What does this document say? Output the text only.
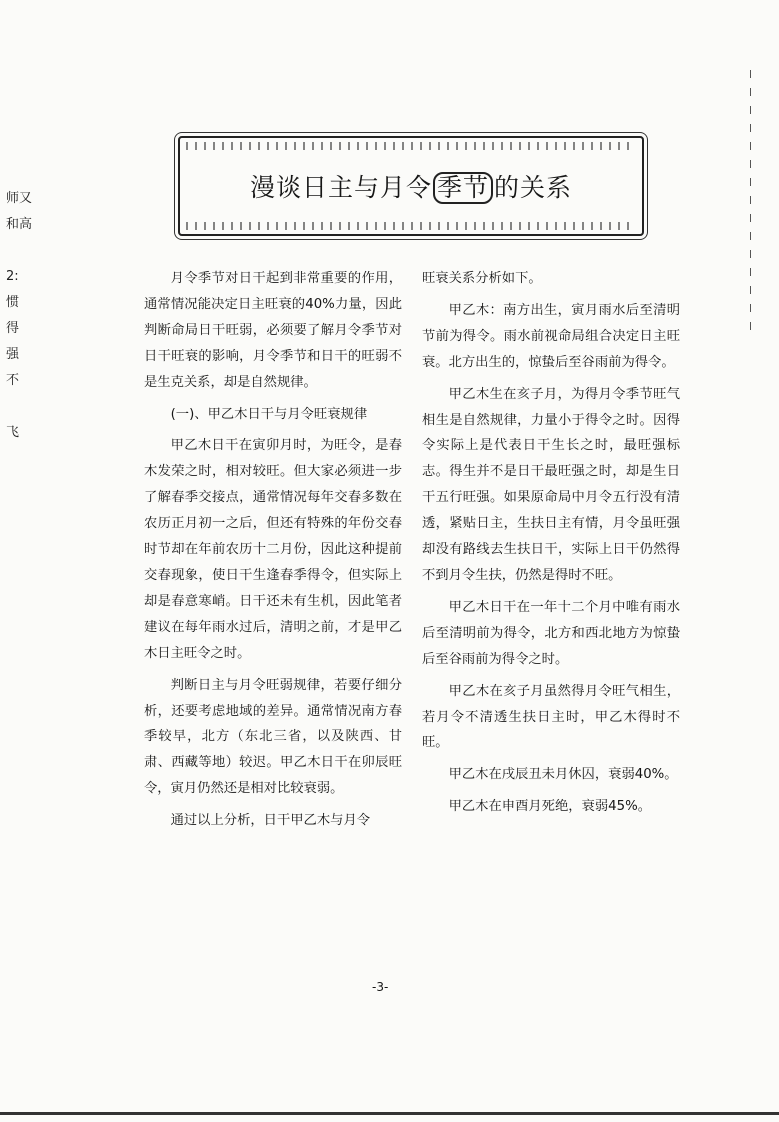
师又
和高
2:
惯
得
强
不
飞
漫谈日主与月令 季节 的关系

月令季节对日干起到非常重要的作用，通常情况能决定日主旺衰的40%力量，因此判断命局日干旺弱，必须要了解月令季节对日干旺衰的影响，月令季节和日干的旺弱不是生克关系，却是自然规律。

(一)、甲乙木日干与月令旺衰规律

甲乙木日干在寅卯月时，为旺令，是春木发荣之时，相对较旺。但大家必须进一步了解春季交接点，通常情况每年交春多数在农历正月初一之后，但还有特殊的年份交春时节却在年前农历十二月份，因此这种提前交春现象，使日干生逢春季得令，但实际上却是春意寒峭。日干还未有生机，因此笔者建议在每年雨水过后，清明之前，才是甲乙木日主旺令之时。

判断日主与月令旺弱规律，若要仔细分析，还要考虑地域的差异。通常情况南方春季较早，北方（东北三省，以及陕西、甘肃、西藏等地）较迟。甲乙木日干在卯辰旺令，寅月仍然还是相对比较衰弱。

通过以上分析，日干甲乙木与月令

旺衰关系分析如下。

甲乙木：南方出生，寅月雨水后至清明节前为得令。雨水前视命局组合决定日主旺衰。北方出生的，惊蛰后至谷雨前为得令。

甲乙木生在亥子月，为得月令季节旺气相生是自然规律，力量小于得令之时。因得令实际上是代表日干生长之时，最旺强标志。得生并不是日干最旺强之时，却是生日干五行旺强。如果原命局中月令五行没有清透，紧贴日主，生扶日主有情，月令虽旺强却没有路线去生扶日干，实际上日干仍然得不到月令生扶，仍然是得时不旺。

甲乙木日干在一年十二个月中唯有雨水后至清明前为得令，北方和西北地方为惊蛰后至谷雨前为得令之时。

甲乙木在亥子月虽然得月令旺气相生，若月令不清透生扶日主时，甲乙木得时不旺。

甲乙木在戌辰丑未月休囚，衰弱40%。

甲乙木在申酉月死绝，衰弱45%。

-3-
